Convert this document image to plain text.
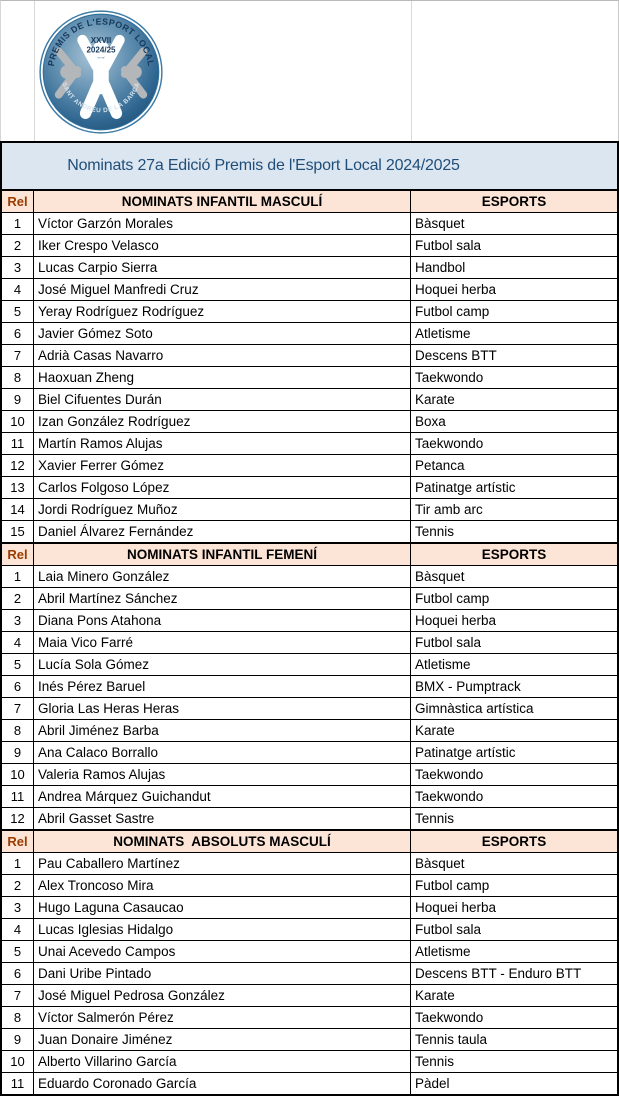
PREMIS DE L'ESPORT LOCAL
XXVII
2024/25
SANT ANDREU DE LA BARCA
Nominats 27a Edició Premis de l'Esport Local 2024/2025
Rel	NOMINATS INFANTIL MASCULÍ	ESPORTS
1	Víctor Garzón Morales	Bàsquet
2	Iker Crespo Velasco	Futbol sala
3	Lucas Carpio Sierra	Handbol
4	José Miguel Manfredi Cruz	Hoquei herba
5	Yeray Rodríguez Rodríguez	Futbol camp
6	Javier Gómez Soto	Atletisme
7	Adrià Casas Navarro	Descens BTT
8	Haoxuan Zheng	Taekwondo
9	Biel Cifuentes Durán	Karate
10 Izan González Rodríguez	Boxa
11	Martín Ramos Alujas	Taekwondo
12 Xavier Ferrer Gómez	Petanca
13 Carlos Folgoso López	Patinatge artístic
14 Jordi Rodríguez Muñoz	Tir amb arc
15 Daniel Álvarez Fernández	Tennis
Rel	NOMINATS INFANTIL FEMENÍ	ESPORTS
1	Laia Minero González	Bàsquet
2	Abril Martínez Sánchez	Futbol camp
3	Diana Pons Atahona	Hoquei herba
4	Maia Vico Farré	Futbol sala
5	Lucía Sola Gómez	Atletisme
6	Inés Pérez Baruel	BMX - Pumptrack
7	Gloria Las Heras Heras	Gimnàstica artística
8	Abril Jiménez Barba	Karate
9	Ana Calaco Borrallo	Patinatge artístic
10 Valeria Ramos Alujas	Taekwondo
11	Andrea Márquez Guichandut	Taekwondo
12 Abril Gasset Sastre	Tennis
Rel	NOMINATS  ABSOLUTS MASCULÍ	ESPORTS
1	Pau Caballero Martínez	Bàsquet
2	Alex Troncoso Mira	Futbol camp
3	Hugo Laguna Casaucao	Hoquei herba
4	Lucas Iglesias Hidalgo	Futbol sala
5	Unai Acevedo Campos	Atletisme
6	Dani Uribe Pintado	Descens BTT - Enduro BTT
7	José Miguel Pedrosa González	Karate
8	Víctor Salmerón Pérez	Taekwondo
9	Juan Donaire Jiménez	Tennis taula
10 Alberto Villarino García	Tennis
11	Eduardo Coronado García	Pàdel
